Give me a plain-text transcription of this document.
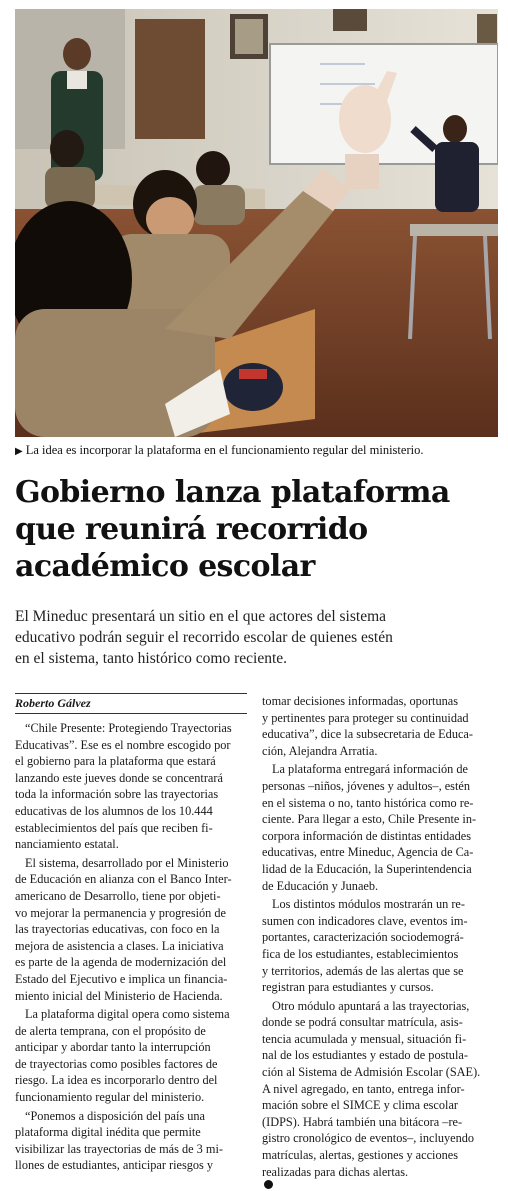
▶ La idea es incorporar la plataforma en el funcionamiento regular del ministerio.
Gobierno lanza plataforma
que reunirá recorrido
académico escolar
El Mineduc presentará un sitio en el que actores del sistema
educativo podrán seguir el recorrido escolar de quienes estén
en el sistema, tanto histórico como reciente.
Roberto Gálvez
“Chile Presente: Protegiendo Trayectorias
Educativas”. Ese es el nombre escogido por
el gobierno para la plataforma que estará
lanzando este jueves donde se concentrará
toda la información sobre las trayectorias
educativas de los alumnos de los 10.444
establecimientos del país que reciben fi-
nanciamiento estatal.
El sistema, desarrollado por el Ministerio
de Educación en alianza con el Banco Inter-
americano de Desarrollo, tiene por objeti-
vo mejorar la permanencia y progresión de
las trayectorias educativas, con foco en la
mejora de asistencia a clases. La iniciativa
es parte de la agenda de modernización del
Estado del Ejecutivo e implica un financia-
miento inicial del Ministerio de Hacienda.
La plataforma digital opera como sistema
de alerta temprana, con el propósito de
anticipar y abordar tanto la interrupción
de trayectorias como posibles factores de
riesgo. La idea es incorporarlo dentro del
funcionamiento regular del ministerio.
“Ponemos a disposición del país una
plataforma digital inédita que permite
visibilizar las trayectorias de más de 3 mi-
llones de estudiantes, anticipar riesgos y
tomar decisiones informadas, oportunas
y pertinentes para proteger su continuidad
educativa”, dice la subsecretaria de Educa-
ción, Alejandra Arratia.
La plataforma entregará información de
personas –niños, jóvenes y adultos–, estén
en el sistema o no, tanto histórica como re-
ciente. Para llegar a esto, Chile Presente in-
corpora información de distintas entidades
educativas, entre Mineduc, Agencia de Ca-
lidad de la Educación, la Superintendencia
de Educación y Junaeb.
Los distintos módulos mostrarán un re-
sumen con indicadores clave, eventos im-
portantes, caracterización sociodemográ-
fica de los estudiantes, establecimientos
y territorios, además de las alertas que se
registran para estudiantes y cursos.
Otro módulo apuntará a las trayectorias,
donde se podrá consultar matrícula, asis-
tencia acumulada y mensual, situación fi-
nal de los estudiantes y estado de postula-
ción al Sistema de Admisión Escolar (SAE).
A nivel agregado, en tanto, entrega infor-
mación sobre el SIMCE y clima escolar
(IDPS). Habrá también una bitácora –re-
gistro cronológico de eventos–, incluyendo
matrículas, alertas, gestiones y acciones
realizadas para dichas alertas.
